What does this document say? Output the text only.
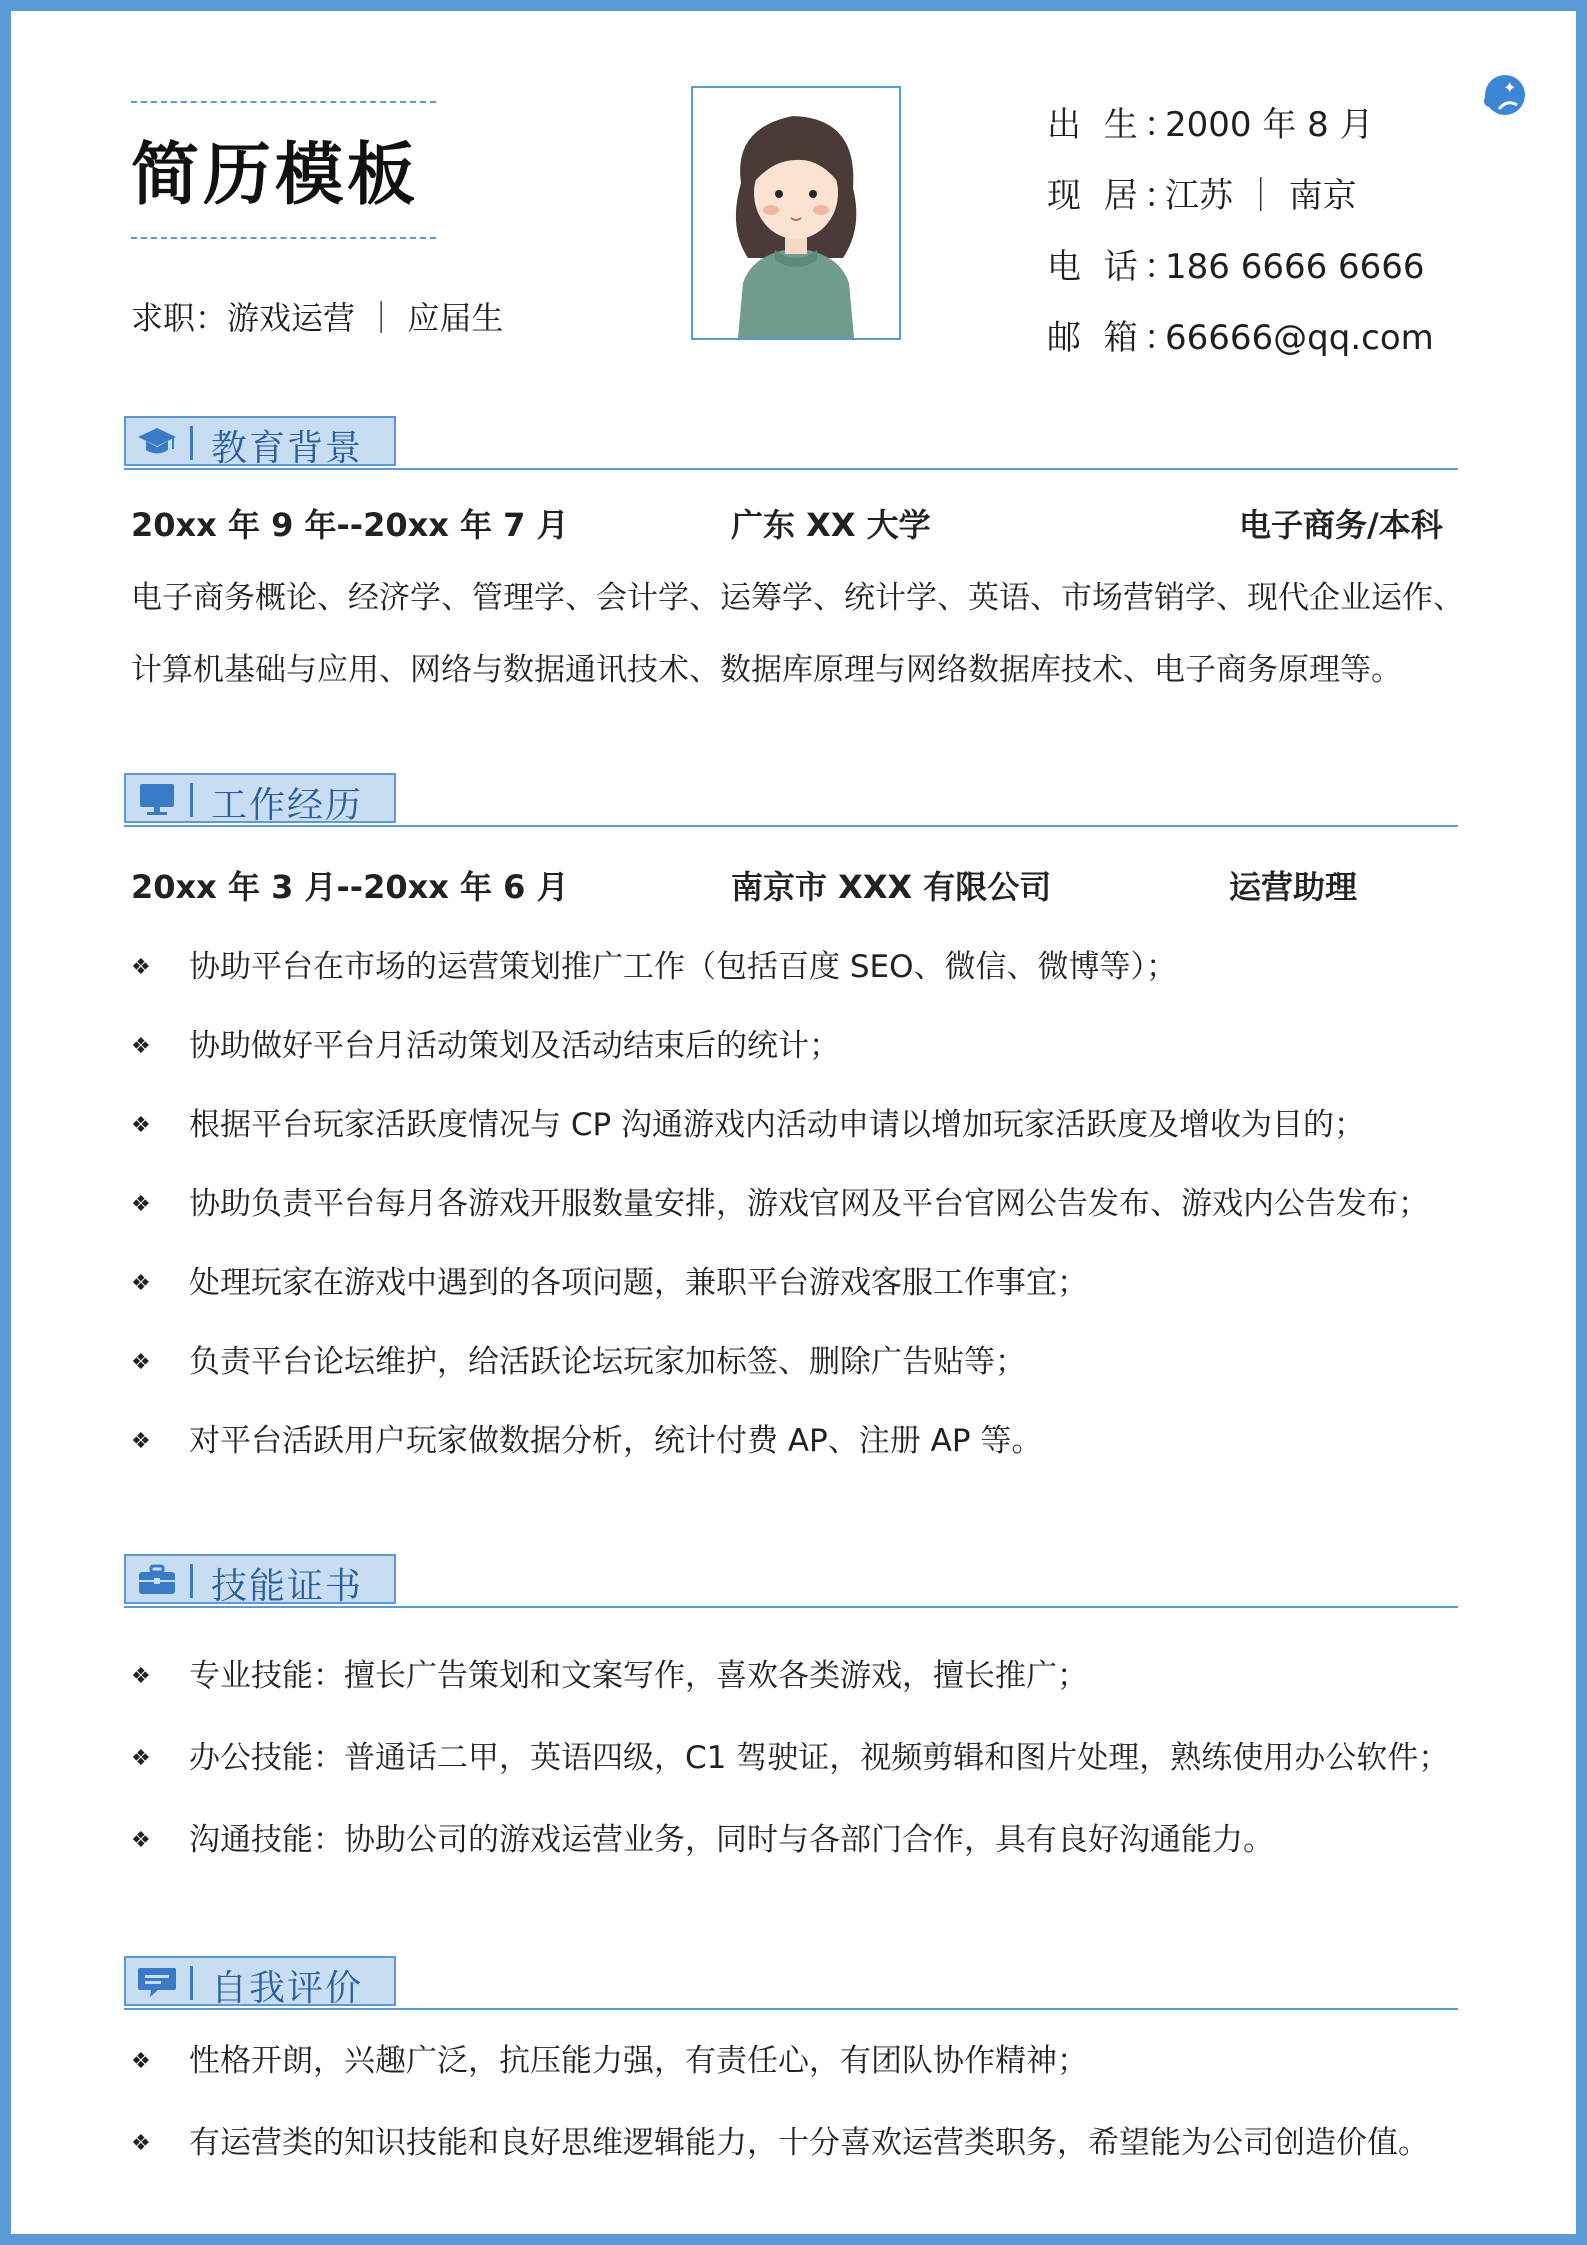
✦
简历模板
求职：游戏运营 ｜ 应届生
出 生：2000 年 8 月
现 居：江苏 ｜ 南京
电 话：186 6666 6666
邮 箱：66666@qq.com
教育背景
20xx 年 9 年--20xx 年 7 月	广东 XX 大学	电子商务/本科
电子商务概论、经济学、管理学、会计学、运筹学、统计学、英语、市场营销学、现代企业运作、
计算机基础与应用、网络与数据通讯技术、数据库原理与网络数据库技术、电子商务原理等。
工作经历
20xx 年 3 月--20xx 年 6 月	南京市 XXX 有限公司	运营助理
❖ 协助平台在市场的运营策划推广工作（包括百度 SEO、微信、微博等）；
❖ 协助做好平台月活动策划及活动结束后的统计；
❖ 根据平台玩家活跃度情况与 CP 沟通游戏内活动申请以增加玩家活跃度及增收为目的；
❖ 协助负责平台每月各游戏开服数量安排，游戏官网及平台官网公告发布、游戏内公告发布；
❖ 处理玩家在游戏中遇到的各项问题，兼职平台游戏客服工作事宜；
❖ 负责平台论坛维护，给活跃论坛玩家加标签、删除广告贴等；
❖ 对平台活跃用户玩家做数据分析，统计付费 AP、注册 AP 等。
技能证书
❖ 专业技能：擅长广告策划和文案写作，喜欢各类游戏，擅长推广；
❖ 办公技能：普通话二甲，英语四级，C1 驾驶证，视频剪辑和图片处理，熟练使用办公软件；
❖ 沟通技能：协助公司的游戏运营业务，同时与各部门合作，具有良好沟通能力。
自我评价
❖ 性格开朗，兴趣广泛，抗压能力强，有责任心，有团队协作精神；
❖ 有运营类的知识技能和良好思维逻辑能力，十分喜欢运营类职务，希望能为公司创造价值。
